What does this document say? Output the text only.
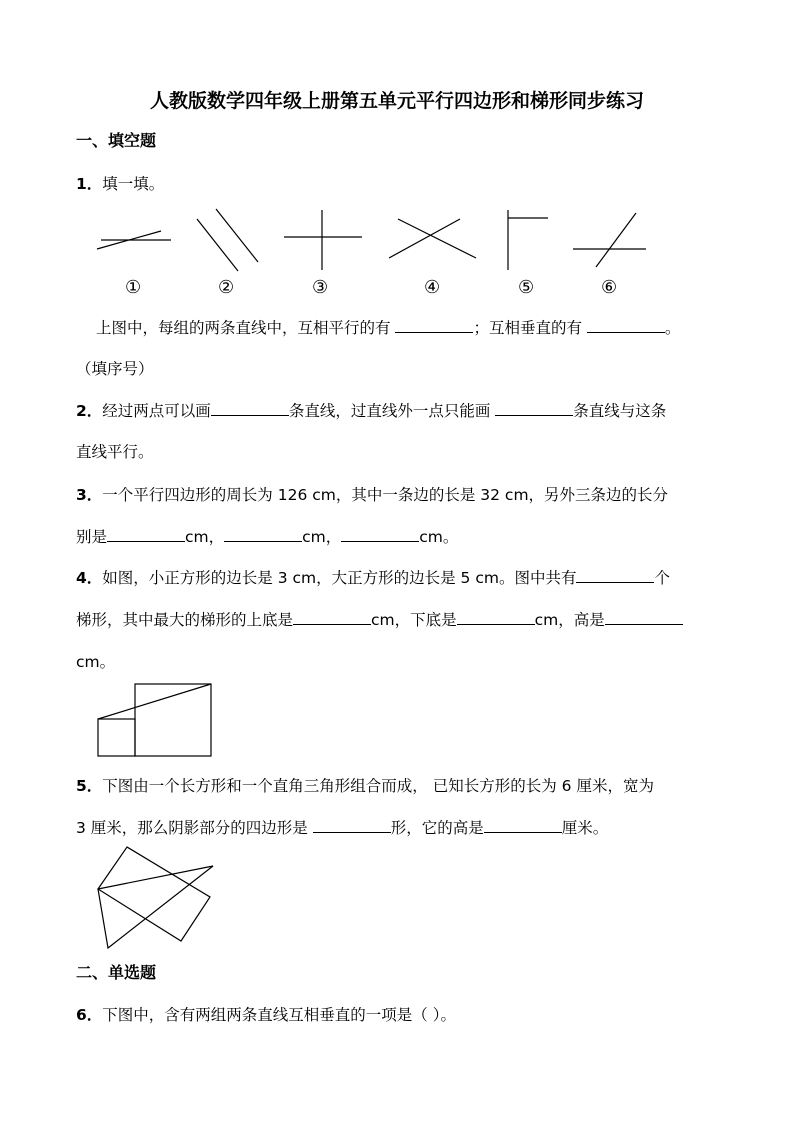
人教版数学四年级上册第五单元平行四边形和梯形同步练习
一、填空题
1．填一填。
①	②	③	④	⑤	⑥
上图中，每组的两条直线中，互相平行的有	；互相垂直的有	。
（填序号）
2．经过两点可以画	条直线，过直线外一点只能画	条直线与这条
直线平行。
3．一个平行四边形的周长为 126 cm，其中一条边的长是 32 cm，另外三条边的长分
别是	cm，	cm，	cm。
4．如图，小正方形的边长是 3 cm，大正方形的边长是 5 cm。图中共有	个
梯形，其中最大的梯形的上底是	cm，下底是	cm，高是
cm。
5．下图由一个长方形和一个直角三角形组合而成， 已知长方形的长为 6 厘米，宽为
3 厘米，那么阴影部分的四边形是	形，它的高是	厘米。
二、单选题
6．下图中，含有两组两条直线互相垂直的一项是（ ）。
